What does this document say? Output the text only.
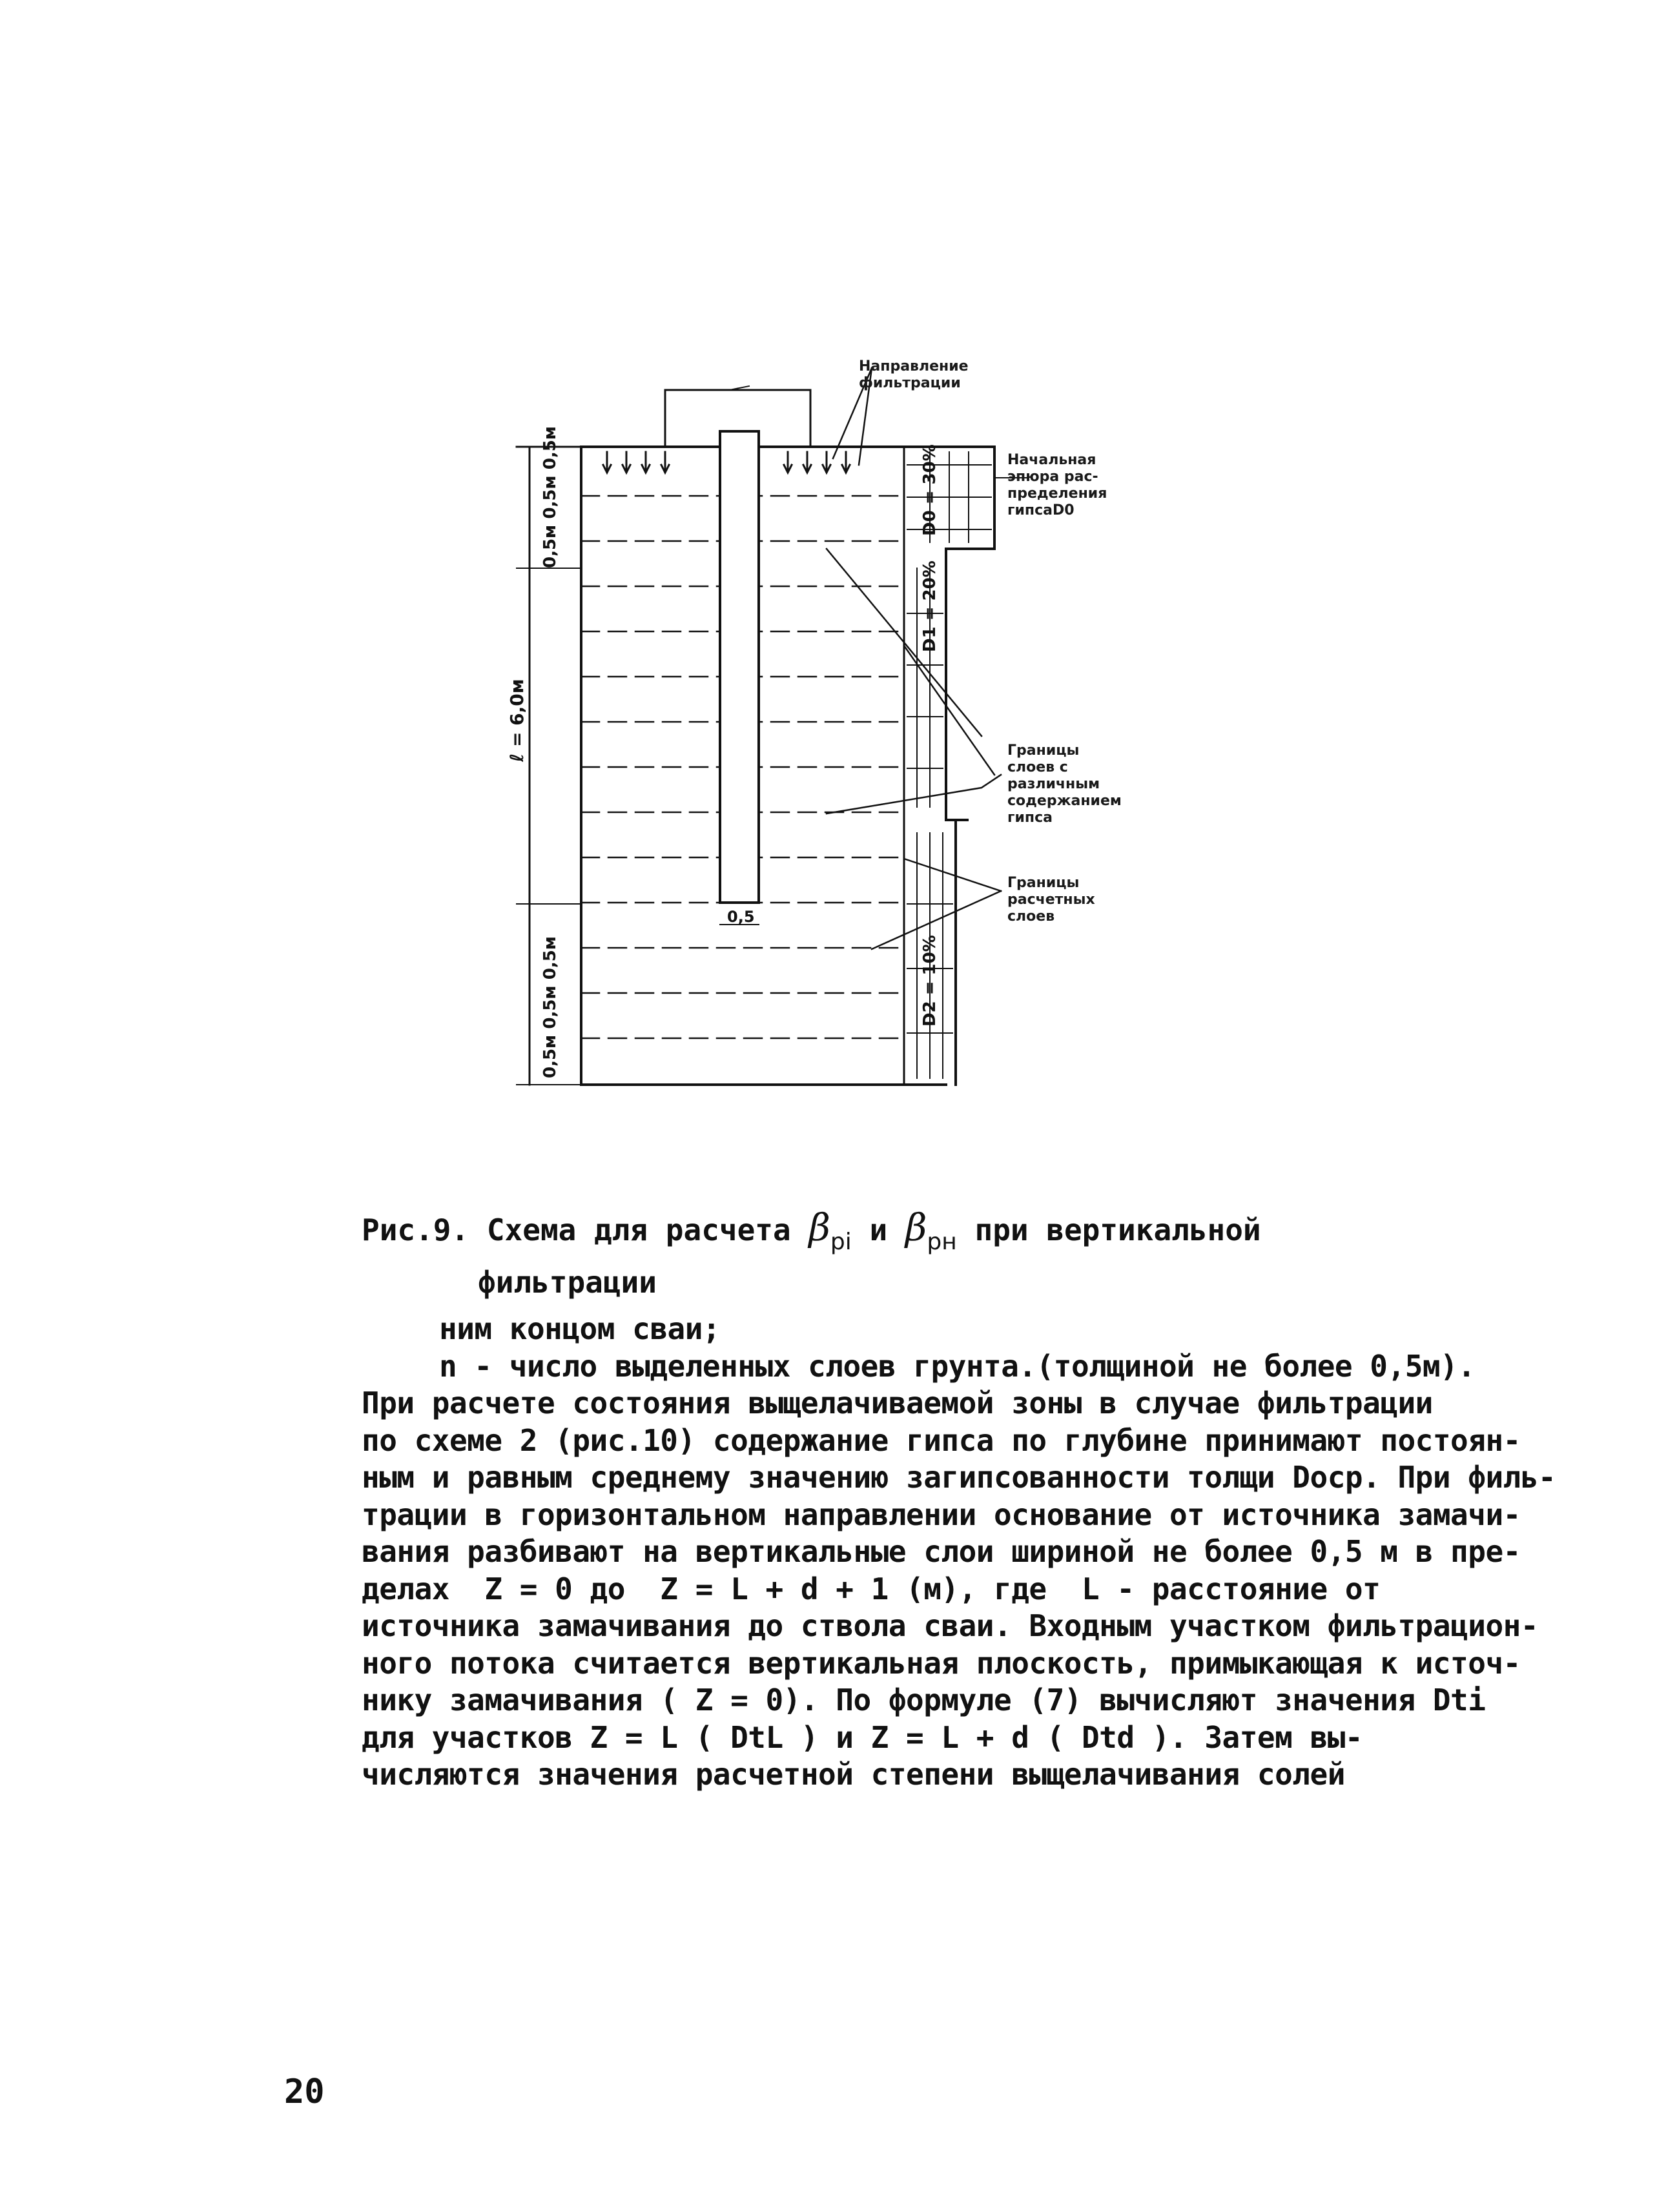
0,5м 0,5м 0,5м
ℓ = 6,0м
0,5м 0,5м 0,5м
0,5
D0 = 30%
D1 = 20%
D2 = 10%

Направление
фильтрации

Начальная
эпюра рас-
пределения
гипсаD0

Границы
слоев с
различным
содержанием
гипса

Границы
расчетных
слоев

Рис.9. Схема для расчета $\beta_{pi}$ и $\beta_{pн}$ при вертикальной
фильтрации

ним концом сваи;
n - число выделенных слоев грунта.(толщиной не более 0,5м).
При расчете состояния выщелачиваемой зоны в случае фильтрации
по схеме 2 (рис.10) содержание гипса по глубине принимают постоян-
ным и равным среднему значению загипсованности толщи Dоср. При филь-
трации в горизонтальном направлении основание от источника замачи-
вания разбивают на вертикальные слои шириной не более 0,5 м в пре-
делах  Z = 0 до  Z = L + d + 1 (м), где  L - расстояние от
источника замачивания до ствола сваи. Входным участком фильтрацион-
ного потока считается вертикальная плоскость, примыкающая к источ-
нику замачивания ( Z = 0). По формуле (7) вычисляют значения Dti
для участков Z = L ( DtL ) и Z = L + d ( Dtd ). Затем вы-
числяются значения расчетной степени выщелачивания солей

20
